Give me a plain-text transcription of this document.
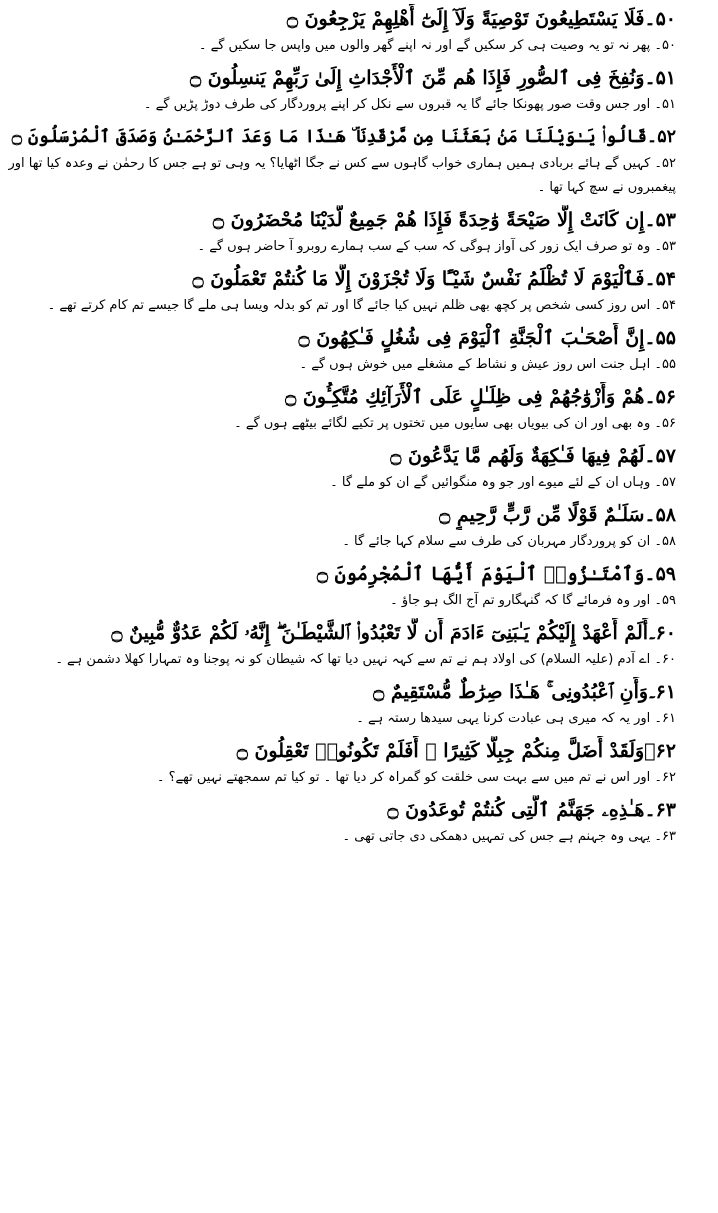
۵۰۔فَلَا يَسْتَطِيعُونَ تَوْصِيَةً وَلَآ إِلَىٰٓ أَهْلِهِمْ يَرْجِعُونَ ۝
۵۰۔ پھر نہ تو یہ وصیت ہی کر سکیں گے اور نہ اپنے گھر والوں میں واپس جا سکیں گے ۔
۵۱۔وَنُفِخَ فِى ٱلصُّورِ فَإِذَا هُم مِّنَ ٱلْأَجْدَاثِ إِلَىٰ رَبِّهِمْ يَنسِلُونَ ۝
۵۱۔ اور جس وقت صور پھونکا جائے گا یہ قبروں سے نکل کر اپنے پروردگار کی طرف دوڑ پڑیں گے ۔
۵۲۔قَالُوا۟ يَـٰوَيْلَنَا مَنۢ بَعَثَنَا مِن مَّرْقَدِنَا ۜ هَـٰذَا مَا وَعَدَ ٱلرَّحْمَـٰنُ وَصَدَقَ ٱلْمُرْسَلُونَ ۝
۵۲۔ کہیں گے ہائے بربادی ہمیں ہماری خواب گاہوں سے کس نے جگا اٹھایا؟ یہ وہی تو ہے جس کا رحمٰن نے وعدہ کیا تھا اور پیغمبروں نے سچ کہا تھا ۔
۵۳۔إِن كَانَتْ إِلَّا صَيْحَةً وَٰحِدَةً فَإِذَا هُمْ جَمِيعٌ لَّدَيْنَا مُحْضَرُونَ ۝
۵۳۔ وہ تو صرف ایک زور کی آواز ہوگی کہ سب کے سب ہمارے روبرو آ حاضر ہوں گے ۔
۵۴۔فَٱلْيَوْمَ لَا تُظْلَمُ نَفْسٌ شَيْـًٔا وَلَا تُجْزَوْنَ إِلَّا مَا كُنتُمْ تَعْمَلُونَ ۝
۵۴۔ اس روز کسی شخص پر کچھ بھی ظلم نہیں کیا جائے گا اور تم کو بدلہ ویسا ہی ملے گا جیسے تم کام کرتے تھے ۔
۵۵۔إِنَّ أَصْحَـٰبَ ٱلْجَنَّةِ ٱلْيَوْمَ فِى شُغُلٍ فَـٰكِهُونَ ۝
۵۵۔ اہل جنت اس روز عیش و نشاط کے مشغلے میں خوش ہوں گے ۔
۵۶۔هُمْ وَأَزْوَٰجُهُمْ فِى ظِلَـٰلٍ عَلَى ٱلْأَرَآئِكِ مُتَّكِـُٔونَ ۝
۵۶۔ وہ بھی اور ان کی بیویاں بھی سایوں میں تختوں پر تکیے لگائے بیٹھے ہوں گے ۔
۵۷۔لَهُمْ فِيهَا فَـٰكِهَةٌ وَلَهُم مَّا يَدَّعُونَ ۝
۵۷۔ وہاں ان کے لئے میوے اور جو وہ منگوائیں گے ان کو ملے گا ۔
۵۸۔سَلَـٰمٌ قَوْلًا مِّن رَّبٍّ رَّحِيمٍ ۝
۵۸۔ ان کو پروردگار مہربان کی طرف سے سلام کہا جائے گا ۔
۵۹۔وَٱمْتَـٰزُوا۟ ٱلْيَوْمَ أَيُّهَا ٱلْمُجْرِمُونَ ۝
۵۹۔ اور وہ فرمائے گا کہ گنہگارو تم آج الگ ہو جاؤ ۔
۶۰۔أَلَمْ أَعْهَدْ إِلَيْكُمْ يَـٰبَنِىٓ ءَادَمَ أَن لَّا تَعْبُدُوا۟ ٱلشَّيْطَـٰنَ ۖ إِنَّهُۥ لَكُمْ عَدُوٌّ مُّبِينٌ ۝
۶۰۔ اے آدم (علیہ السلام) کی اولاد ہم نے تم سے کہہ نہیں دیا تھا کہ شیطان کو نہ پوجنا وہ تمہارا کھلا دشمن ہے ۔
۶۱۔وَأَنِ ٱعْبُدُونِى ۚ هَـٰذَا صِرَٰطٌ مُّسْتَقِيمٌ ۝
۶۱۔ اور یہ کہ میری ہی عبادت کرنا یہی سیدھا رستہ ہے ۔
۶۲۔وَلَقَدْ أَضَلَّ مِنكُمْ جِبِلًّا كَثِيرًا ۖ أَفَلَمْ تَكُونُوا۟ تَعْقِلُونَ ۝
۶۲۔ اور اس نے تم میں سے بہت سی خلقت کو گمراہ کر دیا تھا ۔ تو کیا تم سمجھتے نہیں تھے؟ ۔
۶۳۔هَـٰذِهِۦ جَهَنَّمُ ٱلَّتِى كُنتُمْ تُوعَدُونَ ۝
۶۳۔ یہی وہ جہنم ہے جس کی تمہیں دھمکی دی جاتی تھی ۔
